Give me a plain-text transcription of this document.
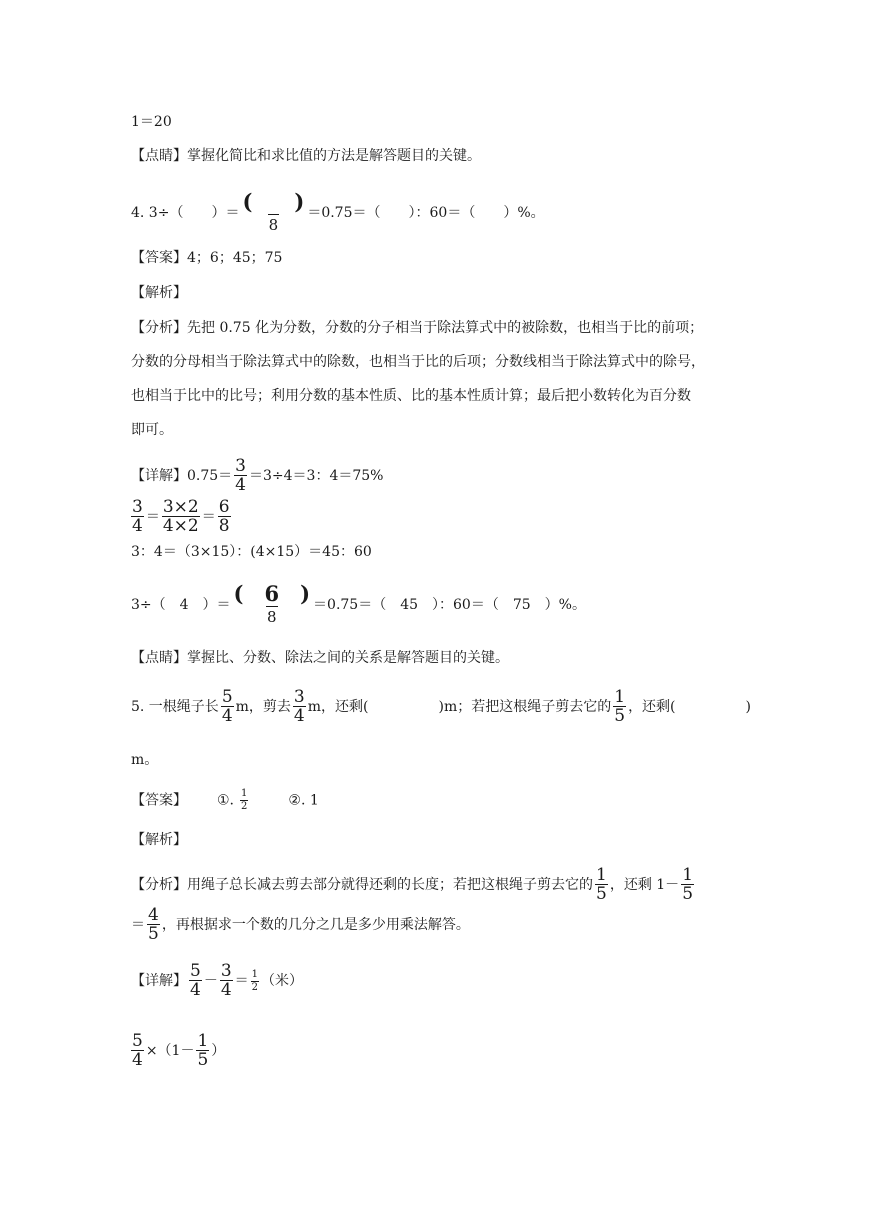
1＝20
【点睛】掌握化简比和求比值的方法是解答题目的关键。
4. 3÷（　　）＝ (　　)
8
＝0.75＝（　　）：60＝（　　）%。
【答案】4；6；45；75
【解析】
【分析】先把 0.75 化为分数，分数的分子相当于除法算式中的被除数，也相当于比的前项；
分数的分母相当于除法算式中的除数，也相当于比的后项；分数线相当于除法算式中的除号，
也相当于比中的比号；利用分数的基本性质、比的基本性质计算；最后把小数转化为百分数
即可。
【详解】$0.75= \frac{3}{4} =3\div 4=3$：4＝75%
$\frac{3}{4} = \frac{3\times 2}{4\times 2} = \frac{6}{8}$
3：4＝（3×15）：(4×15）＝45：60
3÷（　4　）＝ (　6　)
8
＝0.75＝（　45　）：60＝（　75　）%。
【点睛】掌握比、分数、除法之间的关系是解答题目的关键。
5. 一根绳子长 $\frac{5}{4}$ m，剪去 $\frac{3}{4}$ m，还剩(　　　　　)m；若把这根绳子剪去它的 $\frac{1}{5}$ ，还剩(　　　　　)
m。
【答案】 ①. $\frac{1}{2}$	②. 1
【解析】
【分析】用绳子总长减去剪去部分就得还剩的长度；若把这根绳子剪去它的 $\frac{1}{5}$ ，还剩 $1- \frac{1}{5}$
＝ $\frac{4}{5}$ ，再根据求一个数的几分之几是多少用乘法解答。
【详解】 $\frac{5}{4} - \frac{3}{4} = \frac{1}{2}$ （米）
$\frac{5}{4} \times(1- \frac{1}{5}$ ）
